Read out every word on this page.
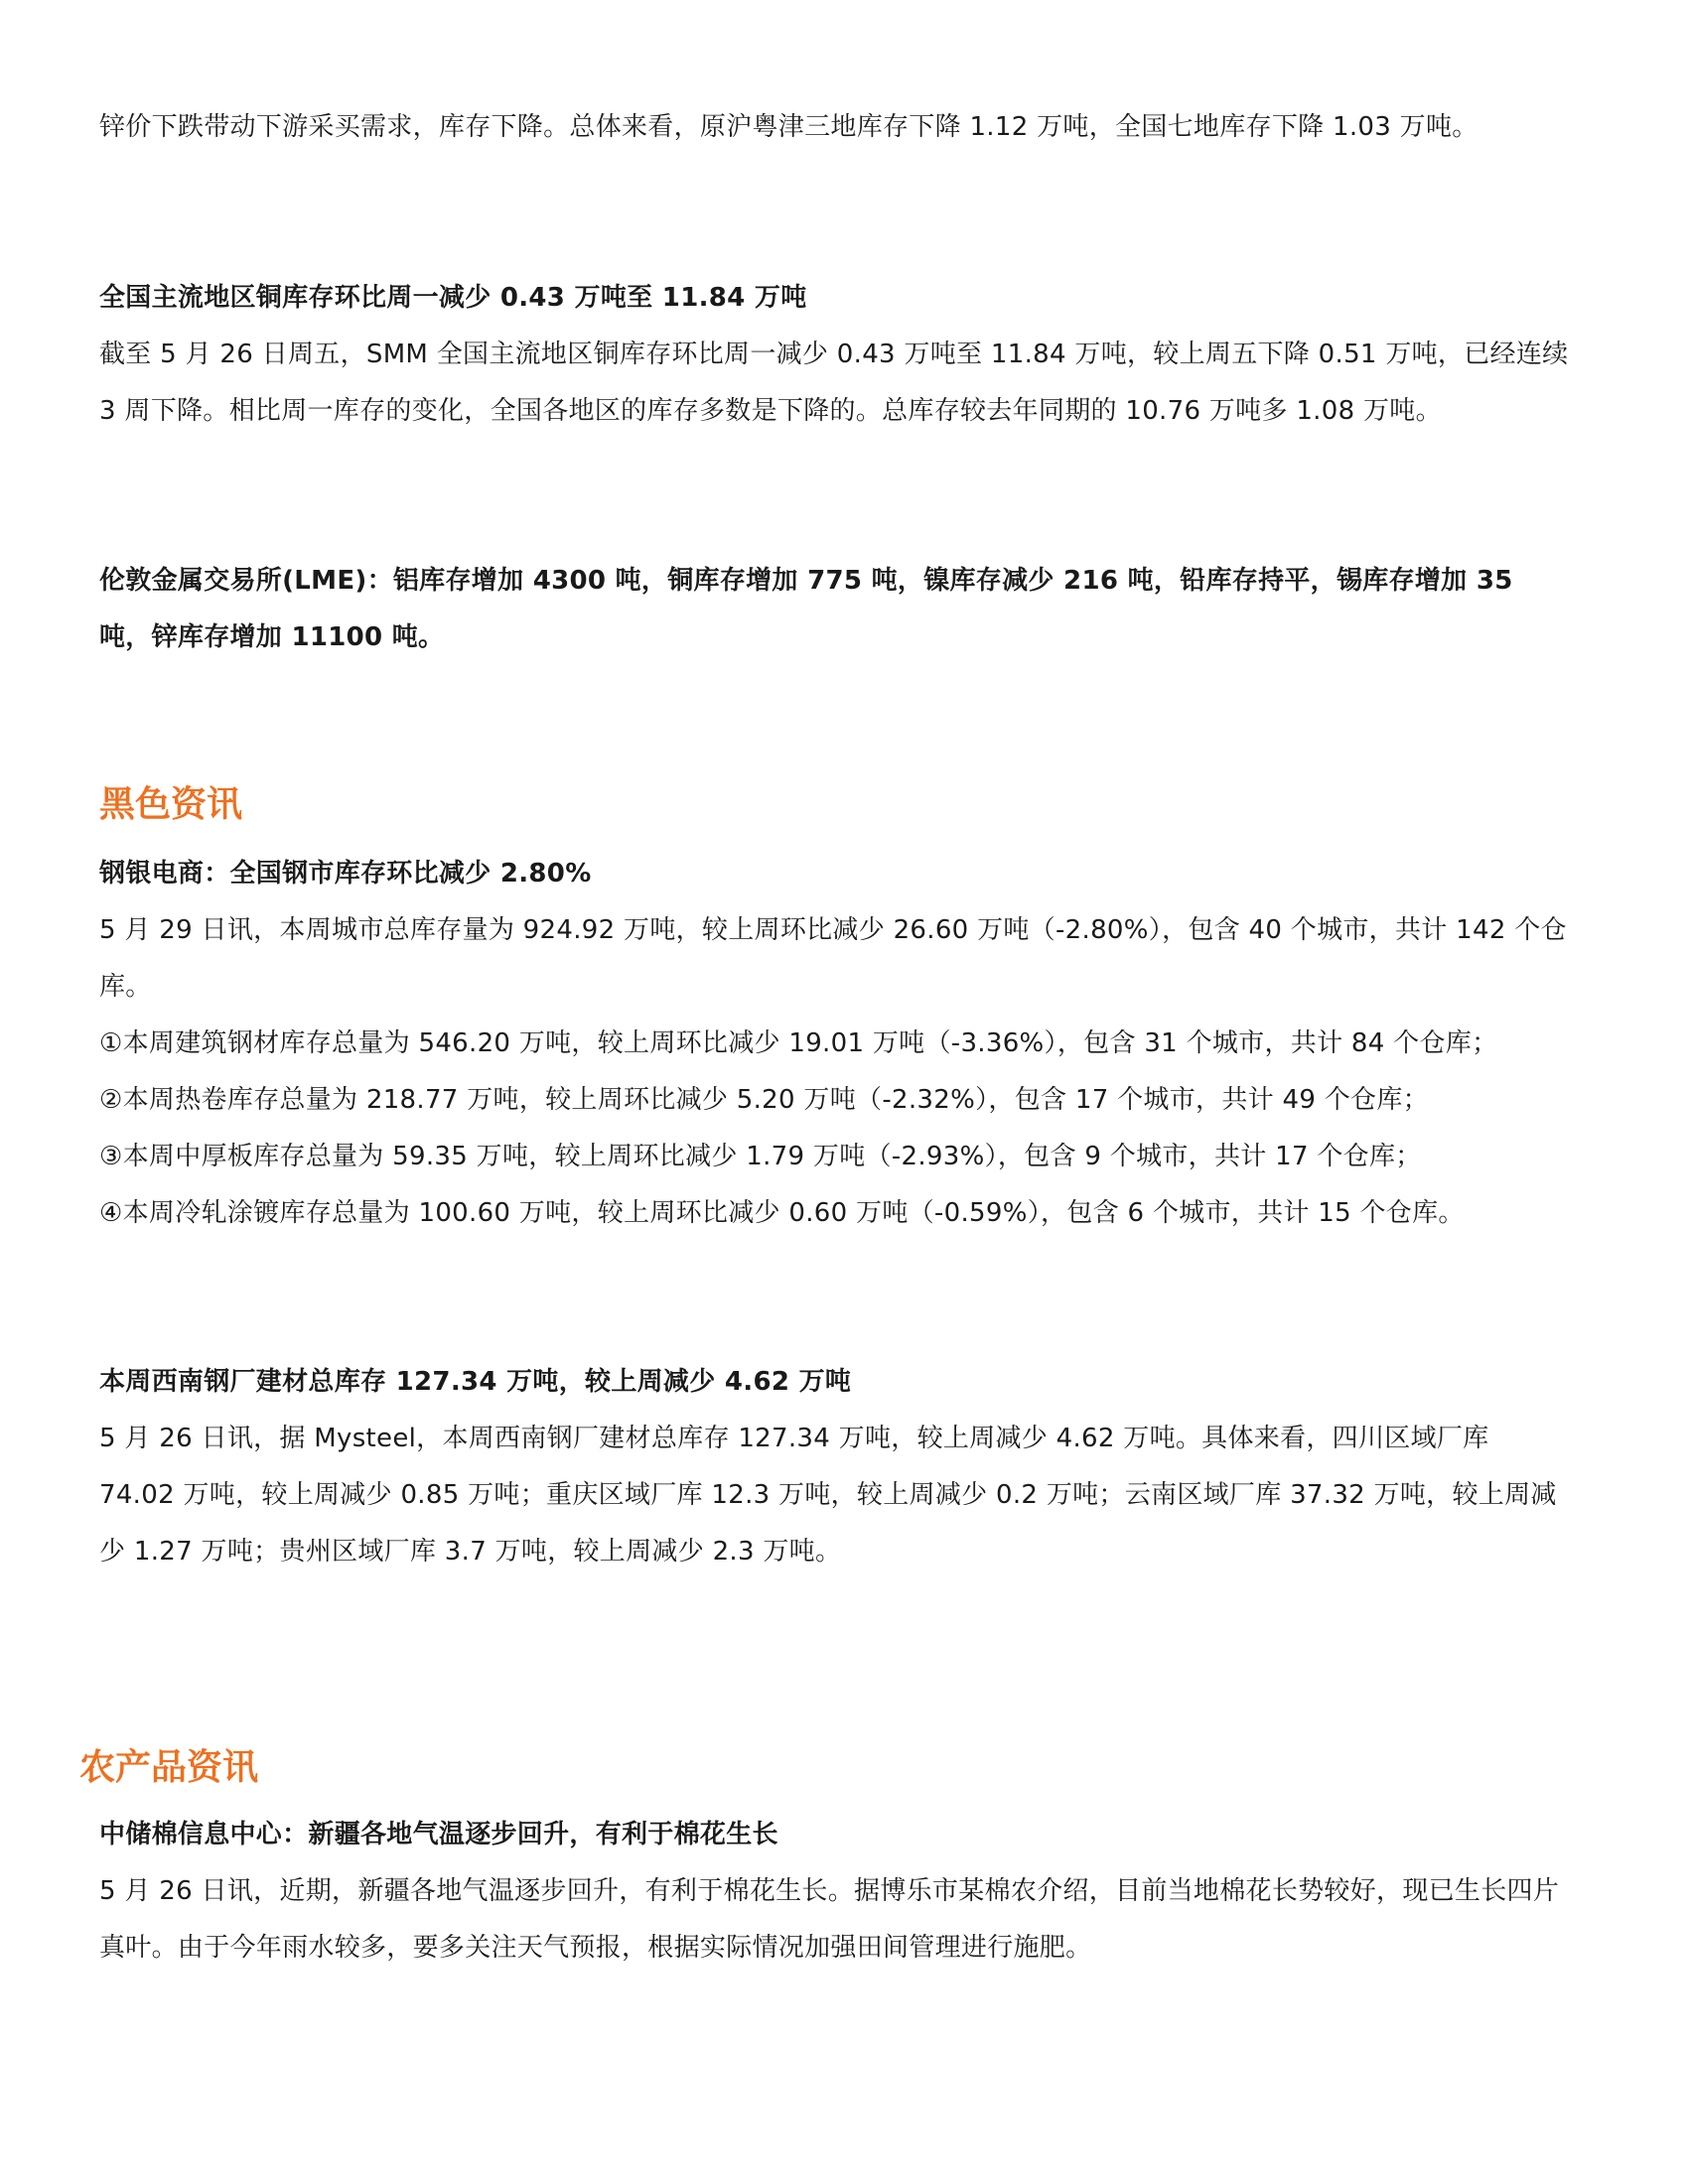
锌价下跌带动下游采买需求，库存下降。总体来看，原沪粤津三地库存下降 1.12 万吨，全国七地库存下降 1.03 万吨。

全国主流地区铜库存环比周一减少 0.43 万吨至 11.84 万吨

截至 5 月 26 日周五，SMM 全国主流地区铜库存环比周一减少 0.43 万吨至 11.84 万吨，较上周五下降 0.51 万吨，已经连续 3 周下降。相比周一库存的变化，全国各地区的库存多数是下降的。总库存较去年同期的 10.76 万吨多 1.08 万吨。

伦敦金属交易所(LME)：铝库存增加 4300 吨，铜库存增加 775 吨，镍库存减少 216 吨，铅库存持平，锡库存增加 35 吨，锌库存增加 11100 吨。

黑色资讯

钢银电商：全国钢市库存环比减少 2.80%

5 月 29 日讯，本周城市总库存量为 924.92 万吨，较上周环比减少 26.60 万吨（-2.80%），包含 40 个城市，共计 142 个仓库。

①本周建筑钢材库存总量为 546.20 万吨，较上周环比减少 19.01 万吨（-3.36%），包含 31 个城市，共计 84 个仓库；

②本周热卷库存总量为 218.77 万吨，较上周环比减少 5.20 万吨（-2.32%），包含 17 个城市，共计 49 个仓库；

③本周中厚板库存总量为 59.35 万吨，较上周环比减少 1.79 万吨（-2.93%），包含 9 个城市，共计 17 个仓库；

④本周冷轧涂镀库存总量为 100.60 万吨，较上周环比减少 0.60 万吨（-0.59%），包含 6 个城市，共计 15 个仓库。

本周西南钢厂建材总库存 127.34 万吨，较上周减少 4.62 万吨

5 月 26 日讯，据 Mysteel，本周西南钢厂建材总库存 127.34 万吨，较上周减少 4.62 万吨。具体来看，四川区域厂库 74.02 万吨，较上周减少 0.85 万吨；重庆区域厂库 12.3 万吨，较上周减少 0.2 万吨；云南区域厂库 37.32 万吨，较上周减少 1.27 万吨；贵州区域厂库 3.7 万吨，较上周减少 2.3 万吨。

农产品资讯

中储棉信息中心：新疆各地气温逐步回升，有利于棉花生长

5 月 26 日讯，近期，新疆各地气温逐步回升，有利于棉花生长。据博乐市某棉农介绍，目前当地棉花长势较好，现已生长四片真叶。由于今年雨水较多，要多关注天气预报，根据实际情况加强田间管理进行施肥。
